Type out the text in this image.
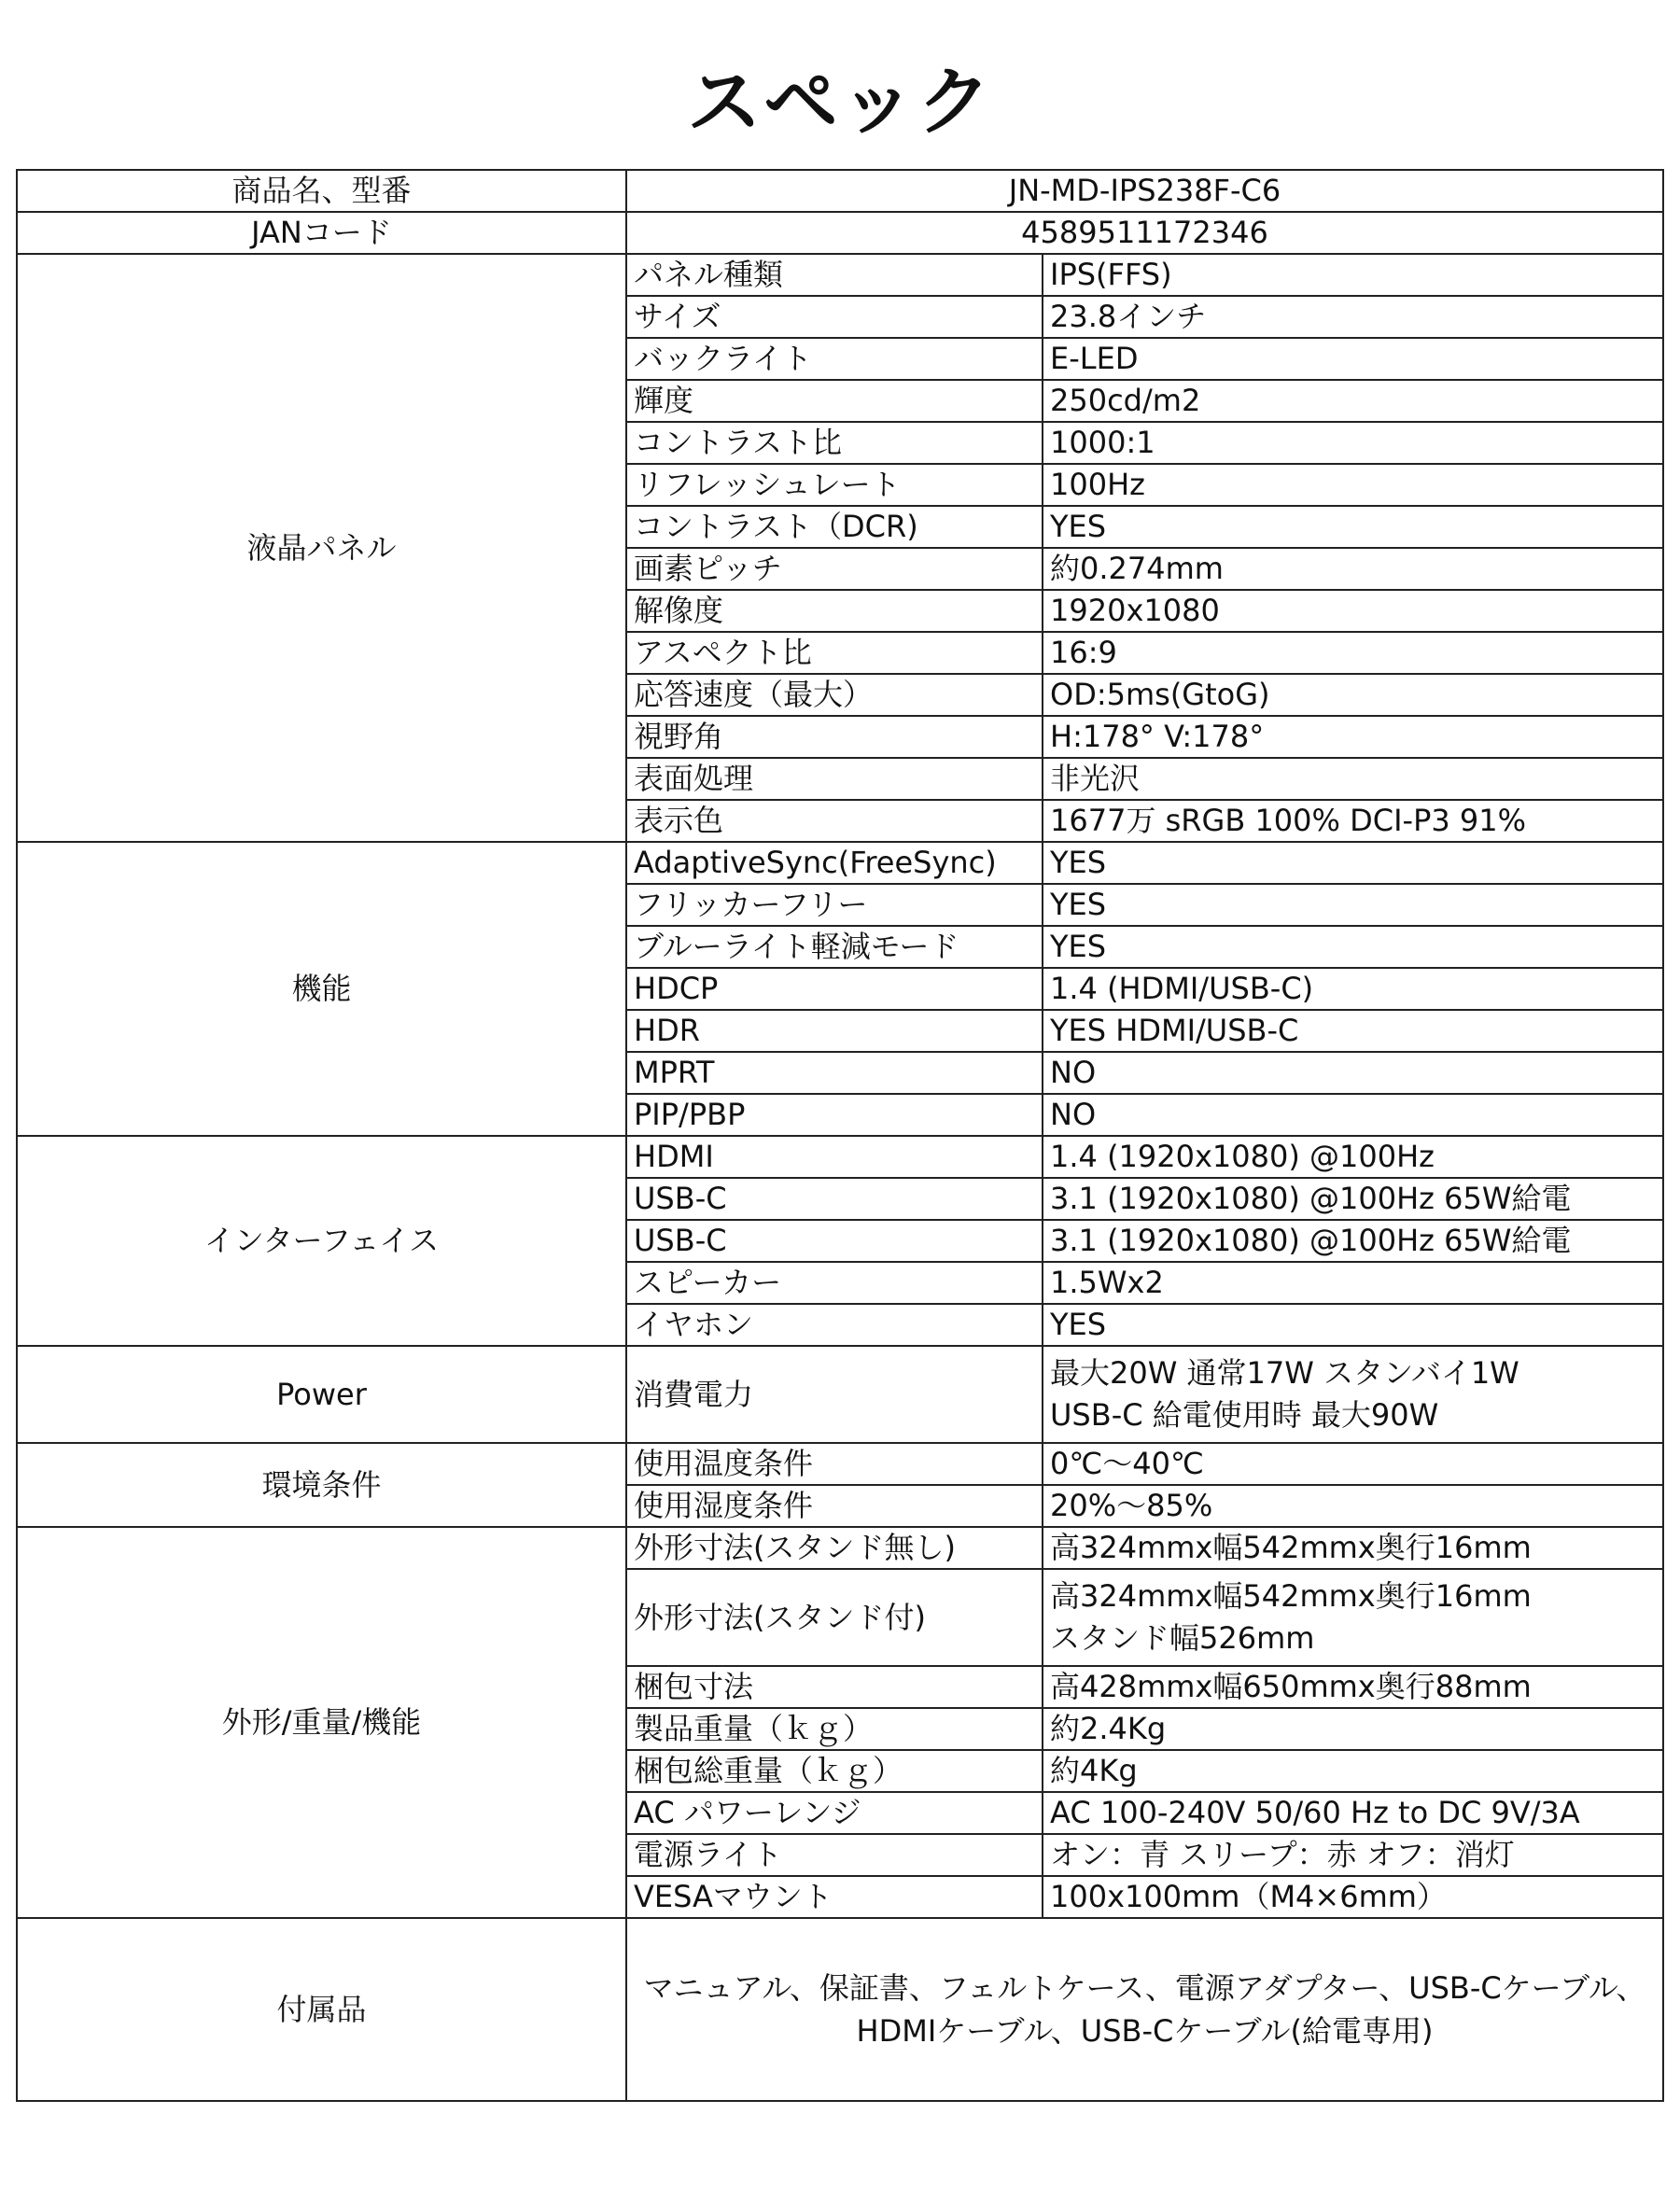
スペック
商品名、型番	JN-MD-IPS238F-C6	
JANコード	4589511172346	
液晶パネル	パネル種類	IPS(FFS)

	サイズ	23.8インチ

	バックライト	E-LED

	輝度	250cd/m2

	コントラスト比	1000:1

	リフレッシュレート	100Hz

	コントラスト（DCR)	YES

	画素ピッチ	約0.274mm

	解像度	1920x1080

	アスペクト比	16:9

	応答速度（最大）	OD:5ms(GtoG)

	視野角	H:178° V:178°

	表面処理	非光沢

	表示色	1677万 sRGB 100% DCI-P3 91%

機能	AdaptiveSync(FreeSync)	YES

	フリッカーフリー	YES

	ブルーライト軽減モード	YES

	HDCP	1.4 (HDMI/USB-C)

	HDR	YES HDMI/USB-C

	MPRT	NO

	PIP/PBP	NO

インターフェイス	HDMI	1.4 (1920x1080) @100Hz

	USB-C	3.1 (1920x1080) @100Hz 65W給電

	USB-C	3.1 (1920x1080) @100Hz 65W給電

	スピーカー	1.5Wx2

	イヤホン	YES

Power	消費電力	最大20W 通常17W スタンバイ1W
USB-C 給電使用時 最大90W

環境条件	使用温度条件	0℃～40℃

	使用湿度条件	20%～85%

外形/重量/機能	外形寸法(スタンド無し)	高324mmx幅542mmx奥行16mm

	外形寸法(スタンド付)	高324mmx幅542mmx奥行16mm
スタンド幅526mm

	梱包寸法	高428mmx幅650mmx奥行88mm

	製品重量（ｋｇ）	約2.4Kg

	梱包総重量（ｋｇ）	約4Kg

	AC パワーレンジ	AC 100-240V 50/60 Hz to DC 9V/3A

	電源ライト	オン：青 スリープ：赤 オフ：消灯

	VESAマウント	100x100mm（M4×6mm）

付属品	マニュアル、保証書、フェルトケース、電源アダプター、USB-Cケーブル、
HDMIケーブル、USB-Cケーブル(給電専用)	
